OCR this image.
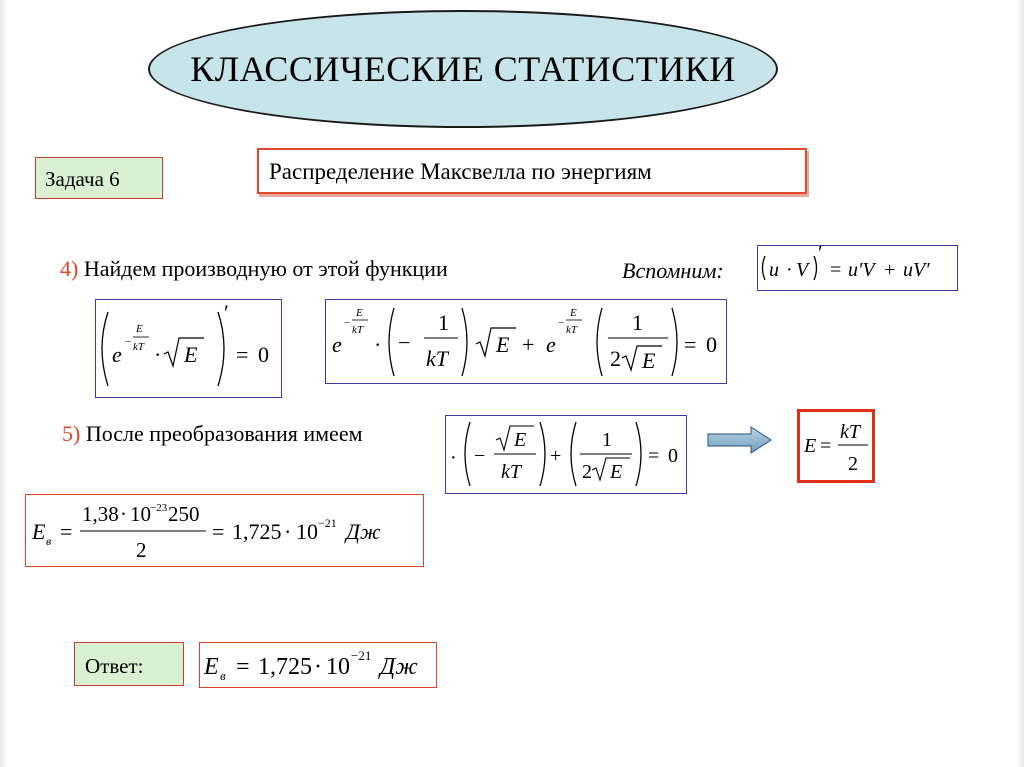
КЛАССИЧЕСКИЕ СТАТИСТИКИ
Задача 6	Распределение Максвелла по энергиям
4) Найдем производную от этой функции	Вспомним: u · V
′
= u′V + uV′
e −
E
kT · E
′
= 0	e
−
E
kT
· −
1
kT
E + e
−
E
kT	1
2 E
= 0
5) После преобразования имеем
· −
E
kT
+
1
2 E
= 0	E =
kT
2
E в =
1,38 · 10 −23 250
2
= 1,725 · 10 −21 Дж
Ответ:	E в = 1,725 · 10 −21 Дж
